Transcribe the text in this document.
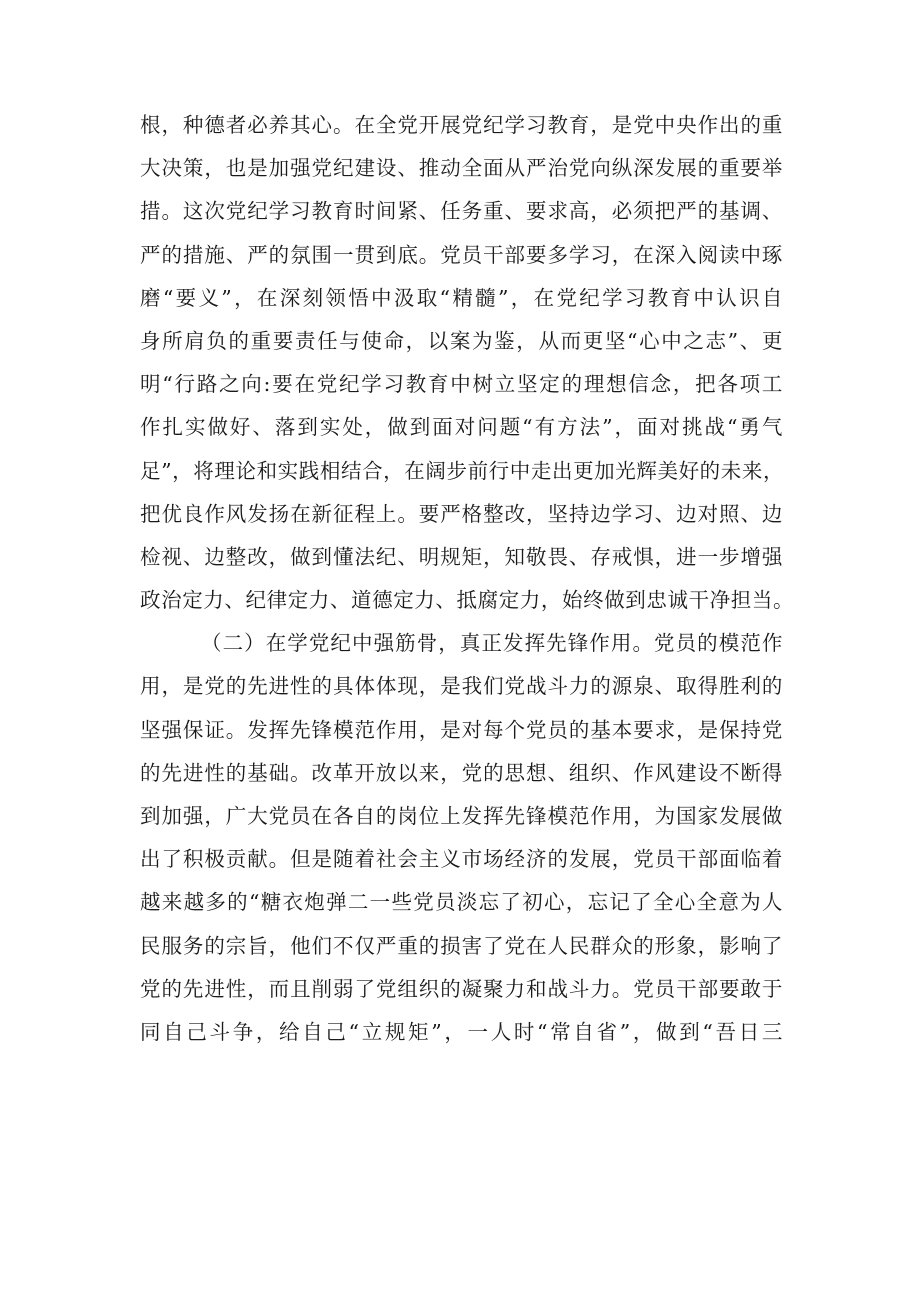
根，种德者必养其心。在全党开展党纪学习教育，是党中央作出的重
大决策，也是加强党纪建设、推动全面从严治党向纵深发展的重要举
措。这次党纪学习教育时间紧、任务重、要求高，必须把严的基调、
严的措施、严的氛围一贯到底。党员干部要多学习，在深入阅读中琢
磨“要义”，在深刻领悟中汲取“精髓”，在党纪学习教育中认识自
身所肩负的重要责任与使命，以案为鉴，从而更坚“心中之志”、更
明“行路之向:要在党纪学习教育中树立坚定的理想信念，把各项工
作扎实做好、落到实处，做到面对问题“有方法”，面对挑战“勇气
足”，将理论和实践相结合，在阔步前行中走出更加光辉美好的未来，
把优良作风发扬在新征程上。要严格整改，坚持边学习、边对照、边
检视、边整改，做到懂法纪、明规矩，知敬畏、存戒惧，进一步增强
政治定力、纪律定力、道德定力、抵腐定力，始终做到忠诚干净担当。
（二）在学党纪中强筋骨，真正发挥先锋作用。党员的模范作
用，是党的先进性的具体体现，是我们党战斗力的源泉、取得胜利的
坚强保证。发挥先锋模范作用，是对每个党员的基本要求，是保持党
的先进性的基础。改革开放以来，党的思想、组织、作风建设不断得
到加强，广大党员在各自的岗位上发挥先锋模范作用，为国家发展做
出了积极贡献。但是随着社会主义市场经济的发展，党员干部面临着
越来越多的“糖衣炮弹二一些党员淡忘了初心，忘记了全心全意为人
民服务的宗旨，他们不仅严重的损害了党在人民群众的形象，影响了
党的先进性，而且削弱了党组织的凝聚力和战斗力。党员干部要敢于
同自己斗争，给自己“立规矩”，一人时“常自省”，做到“吾日三
